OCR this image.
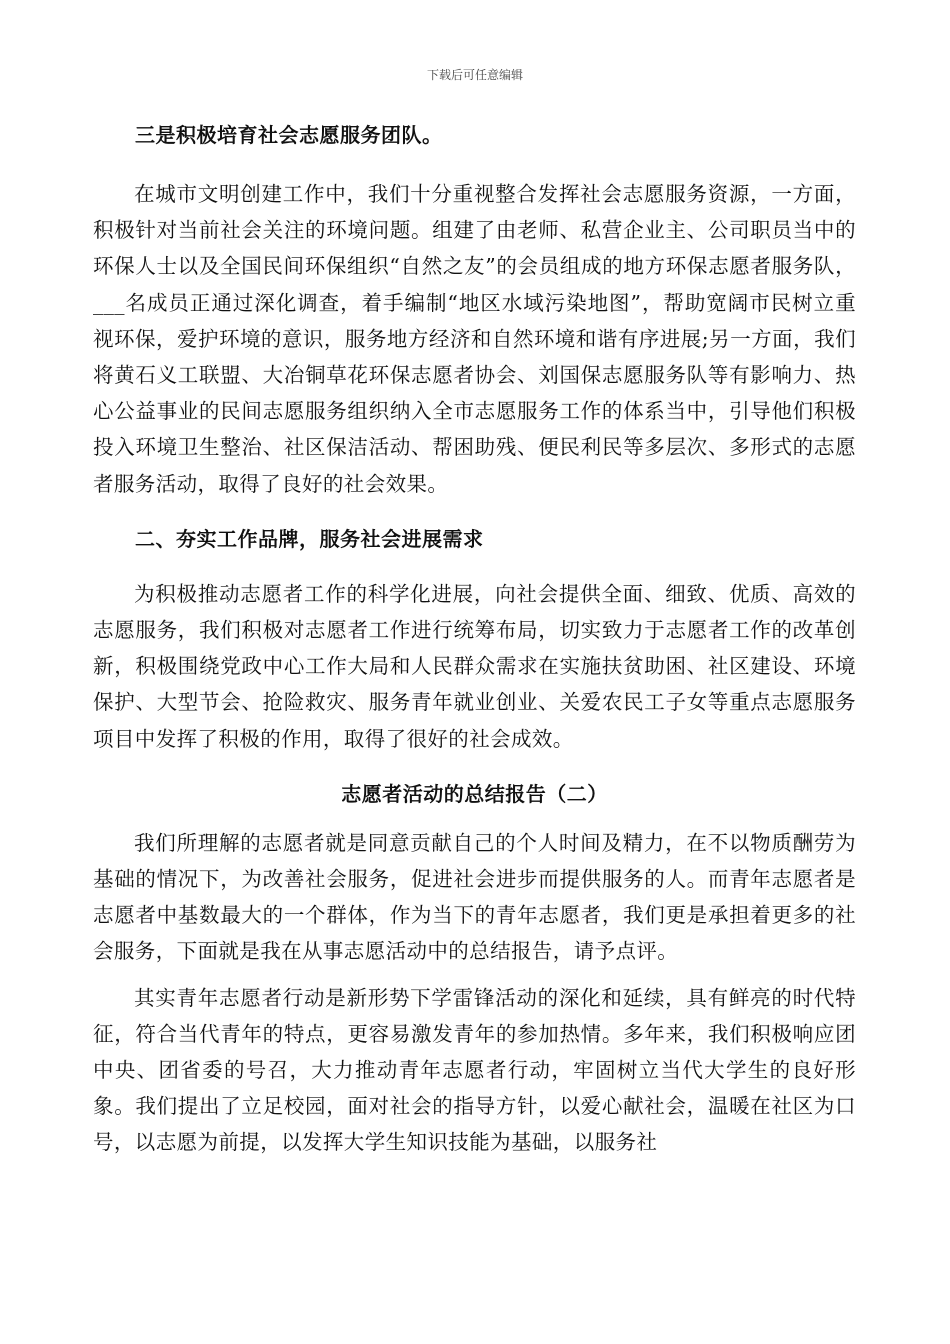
下载后可任意编辑
三是积极培育社会志愿服务团队。

在城市文明创建工作中，我们十分重视整合发挥社会志愿服务资源，一方面，积极针对当前社会关注的环境问题。组建了由老师、私营企业主、公司职员当中的环保人士以及全国民间环保组织“自然之友”的会员组成的地方环保志愿者服务队，___名成员正通过深化调查，着手编制“地区水域污染地图”，帮助宽阔市民树立重视环保，爱护环境的意识，服务地方经济和自然环境和谐有序进展;另一方面，我们将黄石义工联盟、大冶铜草花环保志愿者协会、刘国保志愿服务队等有影响力、热心公益事业的民间志愿服务组织纳入全市志愿服务工作的体系当中，引导他们积极投入环境卫生整治、社区保洁活动、帮困助残、便民利民等多层次、多形式的志愿者服务活动，取得了良好的社会效果。

二、夯实工作品牌，服务社会进展需求

为积极推动志愿者工作的科学化进展，向社会提供全面、细致、优质、高效的志愿服务，我们积极对志愿者工作进行统筹布局，切实致力于志愿者工作的改革创新，积极围绕党政中心工作大局和人民群众需求在实施扶贫助困、社区建设、环境保护、大型节会、抢险救灾、服务青年就业创业、关爱农民工子女等重点志愿服务项目中发挥了积极的作用，取得了很好的社会成效。

志愿者活动的总结报告（二）

我们所理解的志愿者就是同意贡献自己的个人时间及精力，在不以物质酬劳为基础的情况下，为改善社会服务，促进社会进步而提供服务的人。而青年志愿者是志愿者中基数最大的一个群体，作为当下的青年志愿者，我们更是承担着更多的社会服务，下面就是我在从事志愿活动中的总结报告，请予点评。

其实青年志愿者行动是新形势下学雷锋活动的深化和延续，具有鲜亮的时代特征，符合当代青年的特点，更容易激发青年的参加热情。多年来，我们积极响应团中央、团省委的号召，大力推动青年志愿者行动，牢固树立当代大学生的良好形象。我们提出了立足校园，面对社会的指导方针，以爱心献社会，温暖在社区为口号，以志愿为前提，以发挥大学生知识技能为基础，以服务社
